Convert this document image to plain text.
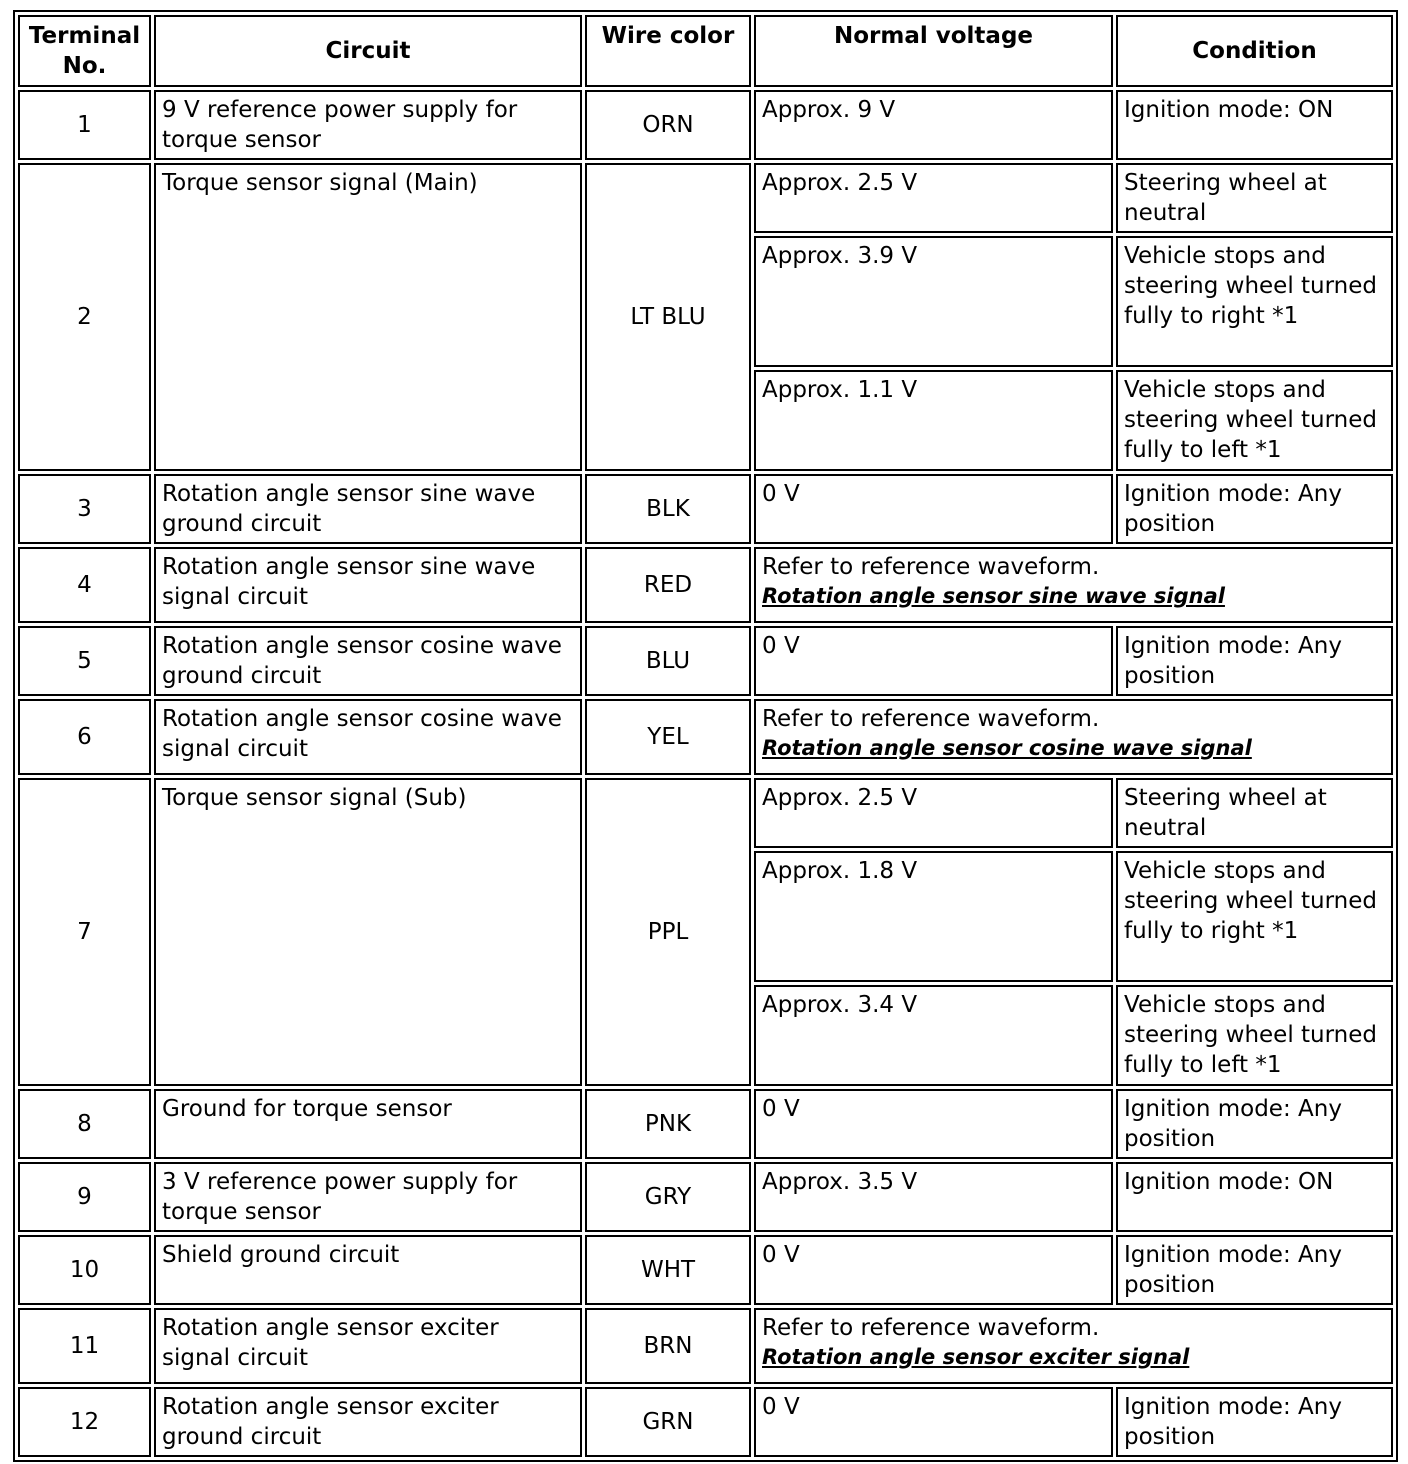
Terminal No.	Circuit	Wire color	Normal voltage	Condition
1	9 V reference power supply for torque sensor	ORN	Approx. 9 V	Ignition mode: ON
2	Torque sensor signal (Main)	LT BLU	Approx. 2.5 V	Steering wheel at neutral
			Approx. 3.9 V	Vehicle stops and steering wheel turned fully to right *1
			Approx. 1.1 V	Vehicle stops and steering wheel turned fully to left *1
3	Rotation angle sensor sine wave ground circuit	BLK	0 V	Ignition mode: Any position
4	Rotation angle sensor sine wave signal circuit	RED	Refer to reference waveform.
Rotation angle sensor sine wave signal	

5	Rotation angle sensor cosine wave ground circuit	BLU	0 V	Ignition mode: Any position
6	Rotation angle sensor cosine wave signal circuit	YEL	Refer to reference waveform.
Rotation angle sensor cosine wave signal	

7	Torque sensor signal (Sub)	PPL	Approx. 2.5 V	Steering wheel at neutral
			Approx. 1.8 V	Vehicle stops and steering wheel turned fully to right *1
			Approx. 3.4 V	Vehicle stops and steering wheel turned fully to left *1
8	Ground for torque sensor	PNK	0 V	Ignition mode: Any position
9	3 V reference power supply for torque sensor	GRY	Approx. 3.5 V	Ignition mode: ON
10	Shield ground circuit	WHT	0 V	Ignition mode: Any position
11	Rotation angle sensor exciter signal circuit	BRN	Refer to reference waveform.
Rotation angle sensor exciter signal	

12	Rotation angle sensor exciter ground circuit	GRN	0 V	Ignition mode: Any position
